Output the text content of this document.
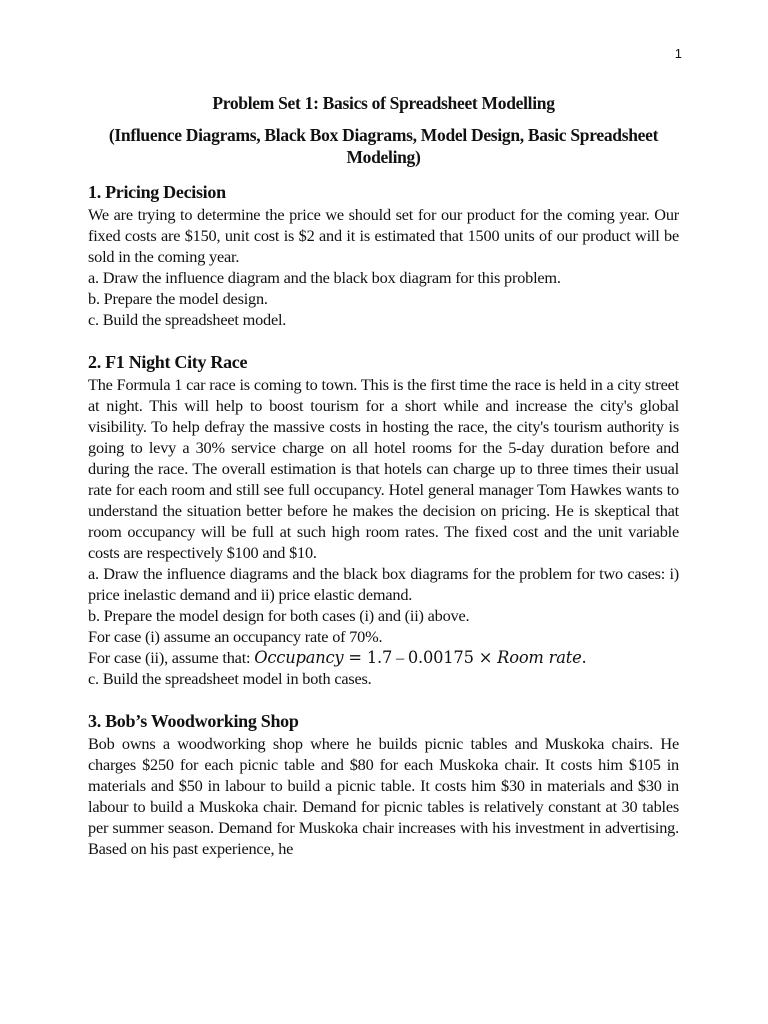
1

Problem Set 1: Basics of Spreadsheet Modelling

(Influence Diagrams, Black Box Diagrams, Model Design, Basic Spreadsheet Modeling)

1. Pricing Decision

We are trying to determine the price we should set for our product for the coming year. Our fixed costs are $150, unit cost is $2 and it is estimated that 1500 units of our product will be sold in the coming year.

a. Draw the influence diagram and the black box diagram for this problem.

b. Prepare the model design.

c. Build the spreadsheet model.

2. F1 Night City Race

The Formula 1 car race is coming to town. This is the first time the race is held in a city street at night. This will help to boost tourism for a short while and increase the city's global visibility. To help defray the massive costs in hosting the race, the city's tourism authority is going to levy a 30% service charge on all hotel rooms for the 5-day duration before and during the race. The overall estimation is that hotels can charge up to three times their usual rate for each room and still see full occupancy. Hotel general manager Tom Hawkes wants to understand the situation better before he makes the decision on pricing. He is skeptical that room occupancy will be full at such high room rates. The fixed cost and the unit variable costs are respectively $100 and $10.

a. Draw the influence diagrams and the black box diagrams for the problem for two cases: i) price inelastic demand and ii) price elastic demand.

b. Prepare the model design for both cases (i) and (ii) above.

For case (i) assume an occupancy rate of 70%.

For case (ii), assume that: Occupancy = 1.7 – 0.00175 × Room rate.

c. Build the spreadsheet model in both cases.

3. Bob’s Woodworking Shop

Bob owns a woodworking shop where he builds picnic tables and Muskoka chairs. He charges $250 for each picnic table and $80 for each Muskoka chair. It costs him $105 in materials and $50 in labour to build a picnic table. It costs him $30 in materials and $30 in labour to build a Muskoka chair. Demand for picnic tables is relatively constant at 30 tables per summer season. Demand for Muskoka chair increases with his investment in advertising. Based on his past experience, he
